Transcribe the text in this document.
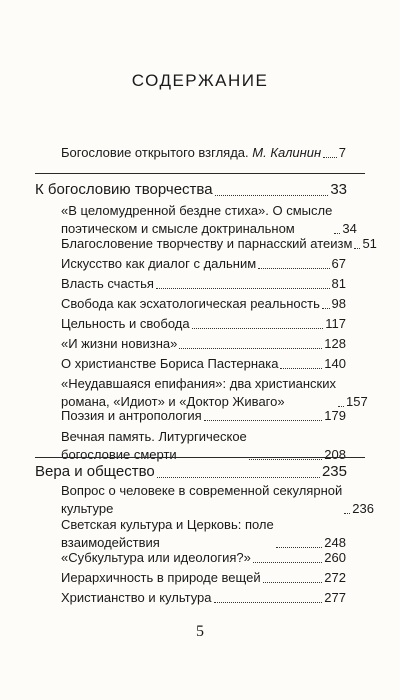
СОДЕРЖАНИЕ
Богословие открытого взгляда. М. Калинин 7
К богословию творчества	33
«В целомудренной бездне стиха». О смысле
поэтическом и смысле доктринальном	34
Благословение творчеству и парнасский атеизм 51
Искусство как диалог с дальним	67
Власть счастья	81
Свобода как эсхатологическая реальность 98
Цельность и свобода	117
«И жизни новизна»	128
О христианстве Бориса Пастернака	140
«Неудавшаяся епифания»: два христианских
романа, «Идиот» и «Доктор Живаго»	157
Поэзия и антропология	179
Вечная память. Литургическое
богословие смерти	208
Вера и общество	235
Вопрос о человеке в современной секулярной
культуре	236
Светская культура и Церковь: поле
взаимодействия	248
«Субкультура или идеология?»	260
Иерархичность в природе вещей	272
Христианство и культура	277
5
